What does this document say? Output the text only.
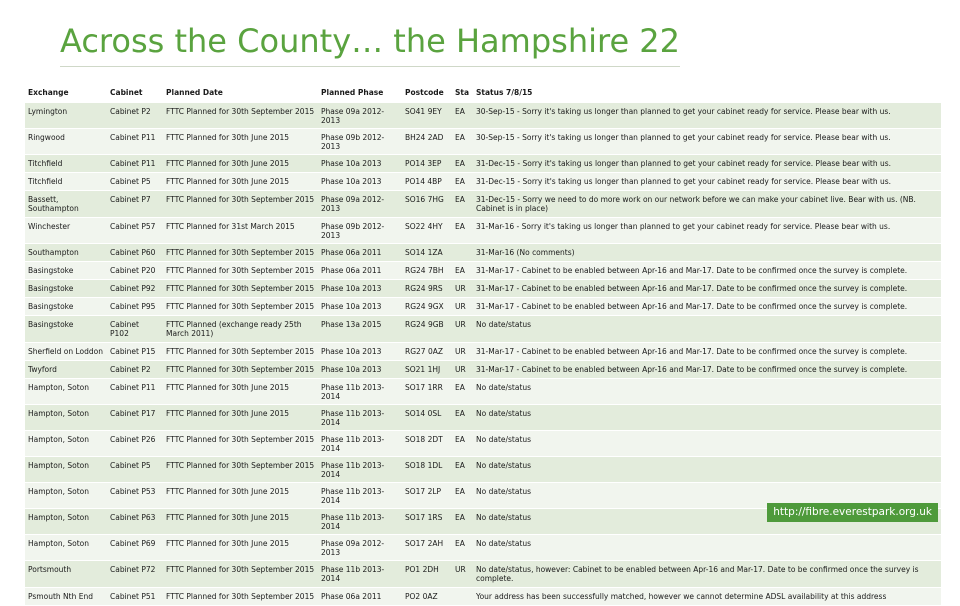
Across the County… the Hampshire 22
Exchange	Cabinet	Planned Date	Planned Phase	Postcode	Sta	Status 7/8/15
Lymington	Cabinet P2	FTTC Planned for 30th September 2015	Phase 09a 2012-2013	SO41 9EY	EA	30-Sep-15 - Sorry it's taking us longer than planned to get your cabinet ready for service. Please bear with us.
Ringwood	Cabinet P11	FTTC Planned for 30th June 2015	Phase 09b 2012-2013	BH24 2AD	EA	30-Sep-15 - Sorry it's taking us longer than planned to get your cabinet ready for service. Please bear with us.
Titchfield	Cabinet P11	FTTC Planned for 30th June 2015	Phase 10a 2013	PO14 3EP	EA	31-Dec-15 - Sorry it's taking us longer than planned to get your cabinet ready for service. Please bear with us.
Titchfield	Cabinet P5	FTTC Planned for 30th June 2015	Phase 10a 2013	PO14 4BP	EA	31-Dec-15 - Sorry it's taking us longer than planned to get your cabinet ready for service. Please bear with us.
Bassett, Southampton	Cabinet P7	FTTC Planned for 30th September 2015	Phase 09a 2012-2013	SO16 7HG	EA	31-Dec-15 - Sorry we need to do more work on our network before we can make your cabinet live. Bear with us. (NB. Cabinet is in place)
Winchester	Cabinet P57	FTTC Planned for 31st March 2015	Phase 09b 2012-2013	SO22 4HY	EA	31-Mar-16 - Sorry it's taking us longer than planned to get your cabinet ready for service. Please bear with us.
Southampton	Cabinet P60	FTTC Planned for 30th September 2015	Phase 06a 2011	SO14 1ZA		31-Mar-16 (No comments)
Basingstoke	Cabinet P20	FTTC Planned for 30th September 2015	Phase 06a 2011	RG24 7BH	EA	31-Mar-17 - Cabinet to be enabled between Apr-16 and Mar-17. Date to be confirmed once the survey is complete.
Basingstoke	Cabinet P92	FTTC Planned for 30th September 2015	Phase 10a 2013	RG24 9RS	UR	31-Mar-17 - Cabinet to be enabled between Apr-16 and Mar-17. Date to be confirmed once the survey is complete.
Basingstoke	Cabinet P95	FTTC Planned for 30th September 2015	Phase 10a 2013	RG24 9GX	UR	31-Mar-17 - Cabinet to be enabled between Apr-16 and Mar-17. Date to be confirmed once the survey is complete.
Basingstoke	Cabinet P102	FTTC Planned (exchange ready 25th March 2011)	Phase 13a 2015	RG24 9GB	UR	No date/status
Sherfield on Loddon	Cabinet P15	FTTC Planned for 30th September 2015	Phase 10a 2013	RG27 0AZ	UR	31-Mar-17 - Cabinet to be enabled between Apr-16 and Mar-17. Date to be confirmed once the survey is complete.
Twyford	Cabinet P2	FTTC Planned for 30th September 2015	Phase 10a 2013	SO21 1HJ	UR	31-Mar-17 - Cabinet to be enabled between Apr-16 and Mar-17. Date to be confirmed once the survey is complete.
Hampton, Soton	Cabinet P11	FTTC Planned for 30th June 2015	Phase 11b 2013-2014	SO17 1RR	EA	No date/status
Hampton, Soton	Cabinet P17	FTTC Planned for 30th June 2015	Phase 11b 2013-2014	SO14 0SL	EA	No date/status
Hampton, Soton	Cabinet P26	FTTC Planned for 30th September 2015	Phase 11b 2013-2014	SO18 2DT	EA	No date/status
Hampton, Soton	Cabinet P5	FTTC Planned for 30th September 2015	Phase 11b 2013-2014	SO18 1DL	EA	No date/status
Hampton, Soton	Cabinet P53	FTTC Planned for 30th June 2015	Phase 11b 2013-2014	SO17 2LP	EA	No date/status
Hampton, Soton	Cabinet P63	FTTC Planned for 30th June 2015	Phase 11b 2013-2014	SO17 1RS	EA	No date/status
Hampton, Soton	Cabinet P69	FTTC Planned for 30th June 2015	Phase 09a 2012-2013	SO17 2AH	EA	No date/status
Portsmouth	Cabinet P72	FTTC Planned for 30th September 2015	Phase 11b 2013-2014	PO1 2DH	UR	No date/status, however: Cabinet to be enabled between Apr-16 and Mar-17. Date to be confirmed once the survey is complete.
Psmouth Nth End	Cabinet P51	FTTC Planned for 30th September 2015	Phase 06a 2011	PO2 0AZ		Your address has been successfully matched, however we cannot determine ADSL availability at this address
http://fibre.everestpark.org.uk
